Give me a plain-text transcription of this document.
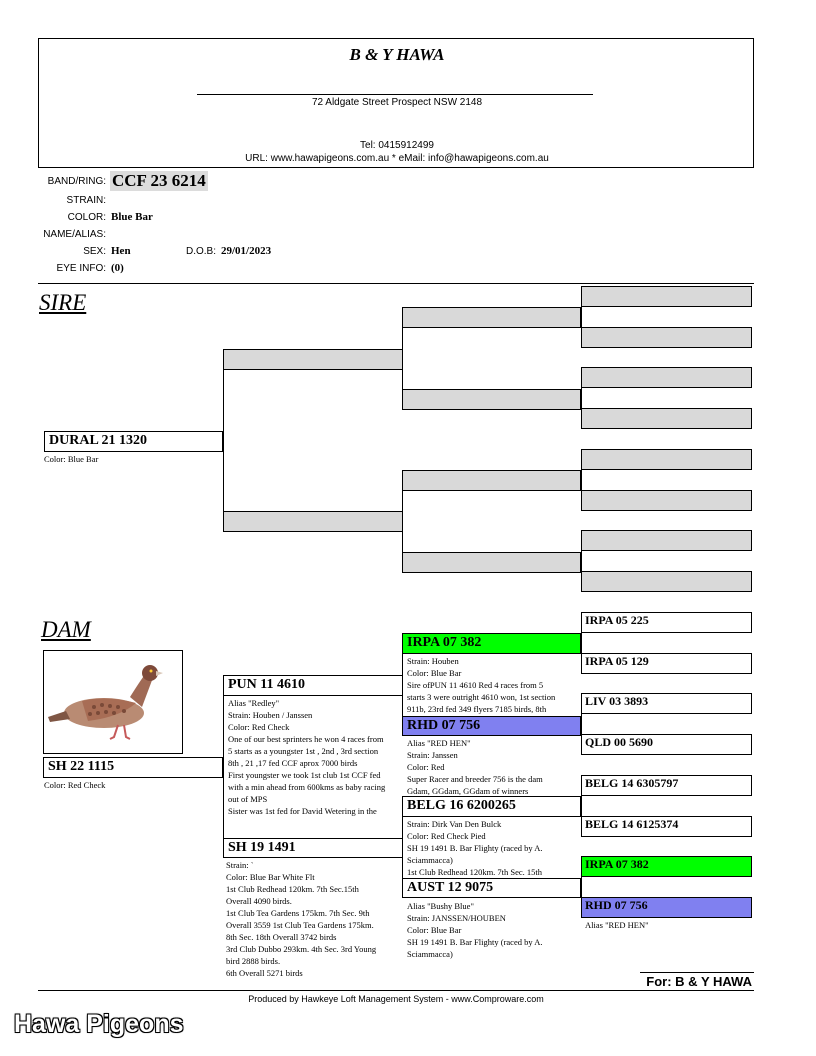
B & Y HAWA
72 Aldgate Street Prospect NSW 2148
Tel: 0415912499
URL: www.hawapigeons.com.au * eMail: info@hawapigeons.com.au
BAND/RING: CCF 23 6214
STRAIN:
COLOR: Blue Bar
NAME/ALIAS:
SEX: Hen	D.O.B: 29/01/2023
EYE INFO: (0)
SIRE
DURAL 21 1320
Color: Blue Bar
DAM
SH 22 1115
Color: Red Check
PUN 11 4610
Alias "Redley"
Strain: Houben / Janssen
Color: Red Check
One of our best sprinters he won 4 races from
5 starts as a youngster 1st , 2nd , 3rd section
8th , 21 ,17 fed CCF aprox 7000 birds
First youngster we took 1st club 1st CCF fed
with a min ahead from 600kms as baby racing
out of MPS
Sister was 1st fed for David Wetering in the
SH 19 1491
Strain: `
Color: Blue Bar White Flt
1st Club Redhead 120km. 7th Sec.15th
Overall 4090 birds.
1st Club Tea Gardens 175km. 7th Sec. 9th
Overall 3559 1st Club Tea Gardens 175km.
8th Sec. 18th Overall 3742 birds
3rd Club Dubbo 293km. 4th Sec. 3rd Young
bird 2888 birds.
6th Overall 5271 birds
IRPA 07 382
Strain: Houben
Color: Blue Bar
Sire ofPUN 11 4610 Red 4 races from 5
starts 3 were outright 4610 won, 1st section
911b, 23rd fed 349 flyers 7185 birds, 8th
RHD 07 756
Alias "RED HEN"
Strain: Janssen
Color: Red
Super Racer and breeder 756 is the dam
Gdam, GGdam, GGdam of winners
BELG 16 6200265
Strain: Dirk Van Den Bulck
Color: Red Check Pied
SH 19 1491 B. Bar Flighty (raced by A.
Sciammacca)
1st Club Redhead 120km. 7th Sec. 15th
AUST 12 9075
Alias "Bushy Blue"
Strain: JANSSEN/HOUBEN
Color: Blue Bar
SH 19 1491 B. Bar Flighty (raced by A.
Sciammacca)
IRPA 05 225
IRPA 05 129
LIV 03 3893
QLD 00 5690
BELG 14 6305797
BELG 14 6125374
IRPA 07 382
RHD 07 756
Alias "RED HEN"
For: B & Y HAWA
Produced by Hawkeye Loft Management System - www.Comproware.com
Hawa Pigeons
